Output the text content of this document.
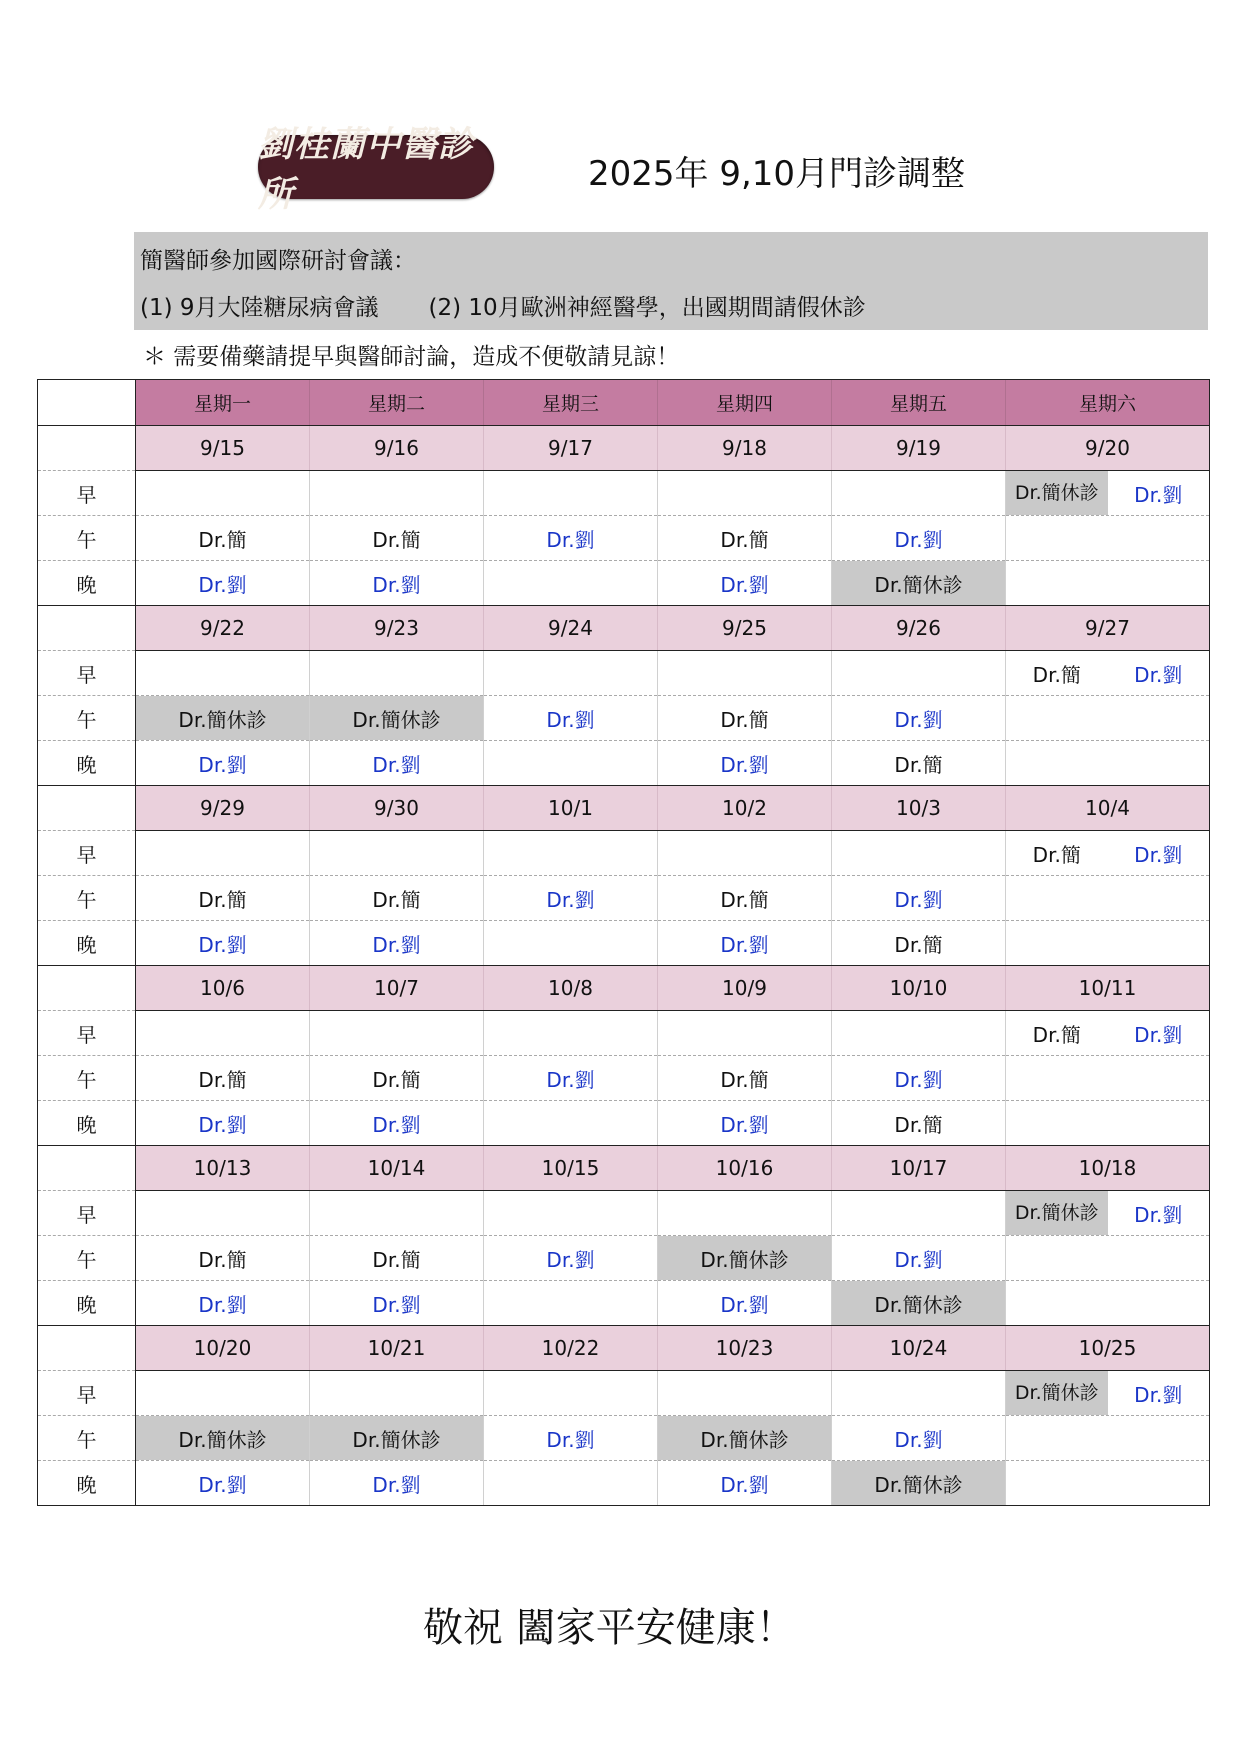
劉桂蘭中醫診所	2025年 9,10月門診調整
簡醫師參加國際研討會議：
(1) 9月大陸糖尿病會議 (2) 10月歐洲神經醫學，出國期間請假休診
＊ 需要備藥請提早與醫師討論，造成不便敬請見諒！
	星期一	星期二	星期三	星期四	星期五	星期六
	9/15	9/16	9/17	9/18	9/19	9/20
早						Dr.簡休診 Dr.劉

午	Dr.簡	Dr.簡	Dr.劉	Dr.簡	Dr.劉	
晚	Dr.劉	Dr.劉		Dr.劉	Dr.簡休診	
	9/22	9/23	9/24	9/25	9/26	9/27
早						Dr.簡 Dr.劉

午	Dr.簡休診	Dr.簡休診	Dr.劉	Dr.簡	Dr.劉	
晚	Dr.劉	Dr.劉		Dr.劉	Dr.簡	
	9/29	9/30	10/1	10/2	10/3	10/4
早						Dr.簡 Dr.劉

午	Dr.簡	Dr.簡	Dr.劉	Dr.簡	Dr.劉	
晚	Dr.劉	Dr.劉		Dr.劉	Dr.簡	
	10/6	10/7	10/8	10/9	10/10	10/11
早						Dr.簡 Dr.劉

午	Dr.簡	Dr.簡	Dr.劉	Dr.簡	Dr.劉	
晚	Dr.劉	Dr.劉		Dr.劉	Dr.簡	
	10/13	10/14	10/15	10/16	10/17	10/18
早						Dr.簡休診 Dr.劉

午	Dr.簡	Dr.簡	Dr.劉	Dr.簡休診	Dr.劉	
晚	Dr.劉	Dr.劉		Dr.劉	Dr.簡休診	
	10/20	10/21	10/22	10/23	10/24	10/25
早						Dr.簡休診 Dr.劉

午	Dr.簡休診	Dr.簡休診	Dr.劉	Dr.簡休診	Dr.劉	
晚	Dr.劉	Dr.劉		Dr.劉	Dr.簡休診	
敬祝 闔家平安健康！
